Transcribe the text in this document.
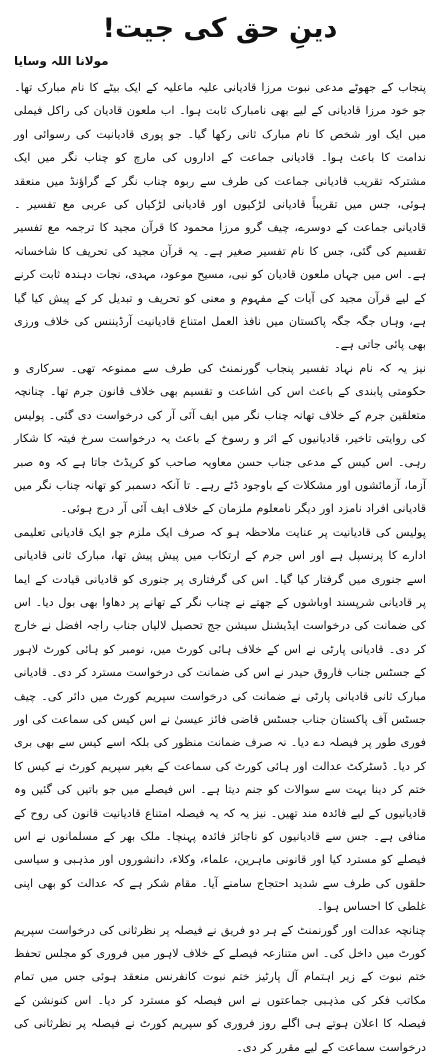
دینِ حق کی جیت!
مولانا اللہ وسایا

پنجاب کے جھوٹے مدعی نبوت مرزا قادیانی علیہ ماعلیہ کے ایک بیٹے کا نام مبارک تھا۔ جو خود مرزا قادیانی کے لیے بھی نامبارک ثابت ہوا۔ اب ملعون قادیان کی راکل فیملی میں ایک اور شخص کا نام مبارک ثانی رکھا گیا۔ جو پوری قادیانیت کی رسوائی اور ندامت کا باعث ہوا۔ قادیانی جماعت کے اداروں کی مارچ کو چناب نگر میں ایک مشترکہ تقریب قادیانی جماعت کی طرف سے ربوہ چناب نگر کے گراؤنڈ میں منعقد ہوئی، جس میں تقریباً قادیانی لڑکیوں اور قادیانی لڑکیاں کی عربی مع تفسیر ۔ قادیانی جماعت کے دوسرے، چیف گرو مرزا محمود کا قرآن مجید کا ترجمہ مع تفسیر تقسیم کی گئی، جس کا نام تفسیر صغیر ہے۔ یہ قرآن مجید کی تحریف کا شاخسانہ ہے۔ اس میں جہاں ملعون قادیان کو نبی، مسیح موعود، مہدی، نجات دہندہ ثابت کرنے کے لیے قرآن مجید کی آیات کے مفہوم و معنی کو تحریف و تبدیل کر کے پیش کیا گیا ہے، وہاں جگہ جگہ پاکستان میں نافذ العمل امتناع قادیانیت آرڈیننس کی خلاف ورزی بھی پائی جاتی ہے۔

نیز یہ کہ نام نہاد تفسیر پنجاب گورنمنٹ کی طرف سے ممنوعہ تھی۔ سرکاری و حکومتی پابندی کے باعث اس کی اشاعت و تقسیم بھی خلاف قانون جرم تھا۔ چنانچہ متعلقین جرم کے خلاف تھانہ چناب نگر میں ایف آئی آر کی درخواست دی گئی۔ پولیس کی روایتی تاخیر، قادیانیوں کے اثر و رسوخ کے باعث یہ درخواست سرخ فیتہ کا شکار رہی۔ اس کیس کے مدعی جناب حسن معاویہ صاحب کو کریڈٹ جاتا ہے کہ وہ صبر آزما، آزمائشوں اور مشکلات کے باوجود ڈٹے رہے۔ تا آنکہ دسمبر کو تھانہ چناب نگر میں قادیانی افراد نامزد اور دیگر نامعلوم ملزمان کے خلاف ایف آئی آر درج ہوئی۔

پولیس کی قادیانیت پر عنایت ملاحظہ ہو کہ صرف ایک ملزم جو ایک قادیانی تعلیمی ادارے کا پرنسپل ہے اور اس جرم کے ارتکاب میں پیش پیش تھا، مبارک ثانی قادیانی اسے جنوری میں گرفتار کیا گیا۔ اس کی گرفتاری پر جنوری کو قادیانی قیادت کے ایما پر قادیانی شرپسند اوباشوں کے جھتے نے چناب نگر کے تھانے پر دھاوا بھی بول دیا۔ اس کی ضمانت کی درخواست ایڈیشنل سیشن جج تحصیل لالیاں جناب راجہ افضل نے خارج کر دی۔ قادیانی پارٹی نے اس کے خلاف ہائی کورٹ میں، نومبر کو ہائی کورٹ لاہور کے جسٹس جناب فاروق حیدر نے اس کی ضمانت کی درخواست مسترد کر دی۔ قادیانی مبارک ثانی قادیانی پارٹی نے ضمانت کی درخواست سپریم کورٹ میں دائر کی۔ چیف جسٹس آف پاکستان جناب جسٹس قاضی فائز عیسیٰ نے اس کیس کی سماعت کی اور فوری طور پر فیصلہ دے دیا۔ نہ صرف ضمانت منظور کی بلکہ اسے کیس سے بھی بری کر دیا۔ ڈسٹرکٹ عدالت اور ہائی کورٹ کی سماعت کے بغیر سپریم کورٹ نے کیس کا ختم کر دینا بہت سے سوالات کو جنم دیتا ہے۔ اس فیصلے میں جو باتیں کی گئیں وہ قادیانیوں کے لیے فائدہ مند تھیں۔ نیز یہ کہ یہ فیصلہ امتناع قادیانیت قانون کی روح کے منافی ہے۔ جس سے قادیانیوں کو ناجائز فائدہ پہنچا۔ ملک بھر کے مسلمانوں نے اس فیصلے کو مسترد کیا اور قانونی ماہرین، علماء، وکلاء، دانشوروں اور مذہبی و سیاسی حلقوں کی طرف سے شدید احتجاج سامنے آیا۔ مقام شکر ہے کہ عدالت کو بھی اپنی غلطی کا احساس ہوا۔

چنانچہ عدالت اور گورنمنٹ کے ہر دو فریق نے فیصلہ پر نظرثانی کی درخواست سپریم کورٹ میں داخل کی۔ اس متنازعہ فیصلے کے خلاف لاہور میں فروری کو مجلس تحفظ ختم نبوت کے زیر اہتمام آل پارٹیز ختم نبوت کانفرنس منعقد ہوئی جس میں تمام مکاتب فکر کی مذہبی جماعتوں نے اس فیصلہ کو مسترد کر دیا۔ اس کنونشن کے فیصلہ کا اعلان ہوتے ہی اگلے روز فروری کو سپریم کورٹ نے فیصلہ پر نظرثانی کی درخواست سماعت کے لیے مقرر کر دی۔
